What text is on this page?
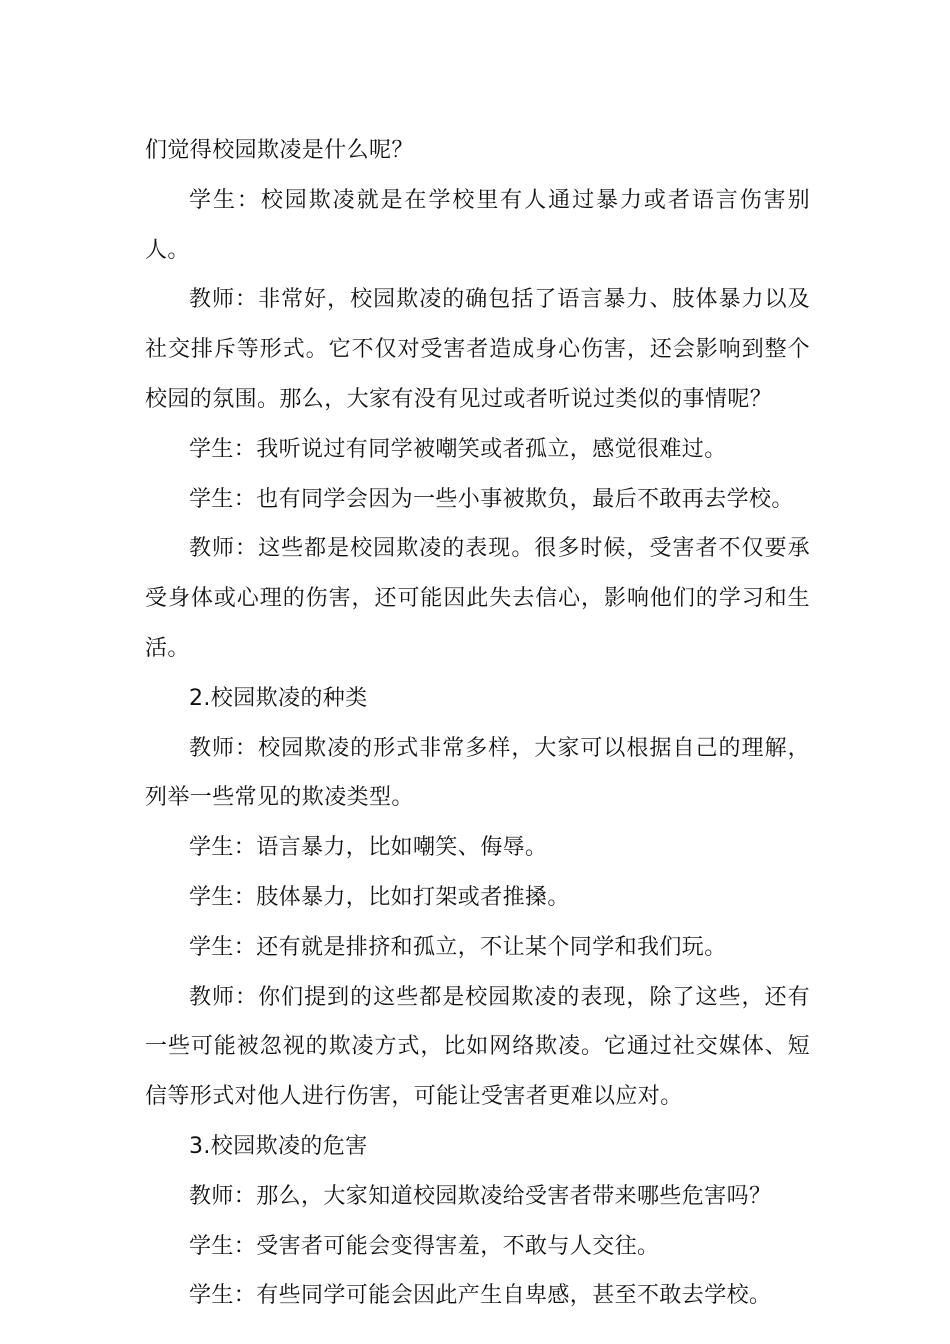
们觉得校园欺凌是什么呢？

学生：校园欺凌就是在学校里有人通过暴力或者语言伤害别人。

教师：非常好，校园欺凌的确包括了语言暴力、肢体暴力以及社交排斥等形式。它不仅对受害者造成身心伤害，还会影响到整个校园的氛围。那么，大家有没有见过或者听说过类似的事情呢？

学生：我听说过有同学被嘲笑或者孤立，感觉很难过。

学生：也有同学会因为一些小事被欺负，最后不敢再去学校。

教师：这些都是校园欺凌的表现。很多时候，受害者不仅要承受身体或心理的伤害，还可能因此失去信心，影响他们的学习和生活。

2.校园欺凌的种类

教师：校园欺凌的形式非常多样，大家可以根据自己的理解，列举一些常见的欺凌类型。

学生：语言暴力，比如嘲笑、侮辱。

学生：肢体暴力，比如打架或者推搡。

学生：还有就是排挤和孤立，不让某个同学和我们玩。

教师：你们提到的这些都是校园欺凌的表现，除了这些，还有一些可能被忽视的欺凌方式，比如网络欺凌。它通过社交媒体、短信等形式对他人进行伤害，可能让受害者更难以应对。

3.校园欺凌的危害

教师：那么，大家知道校园欺凌给受害者带来哪些危害吗？

学生：受害者可能会变得害羞，不敢与人交往。

学生：有些同学可能会因此产生自卑感，甚至不敢去学校。
